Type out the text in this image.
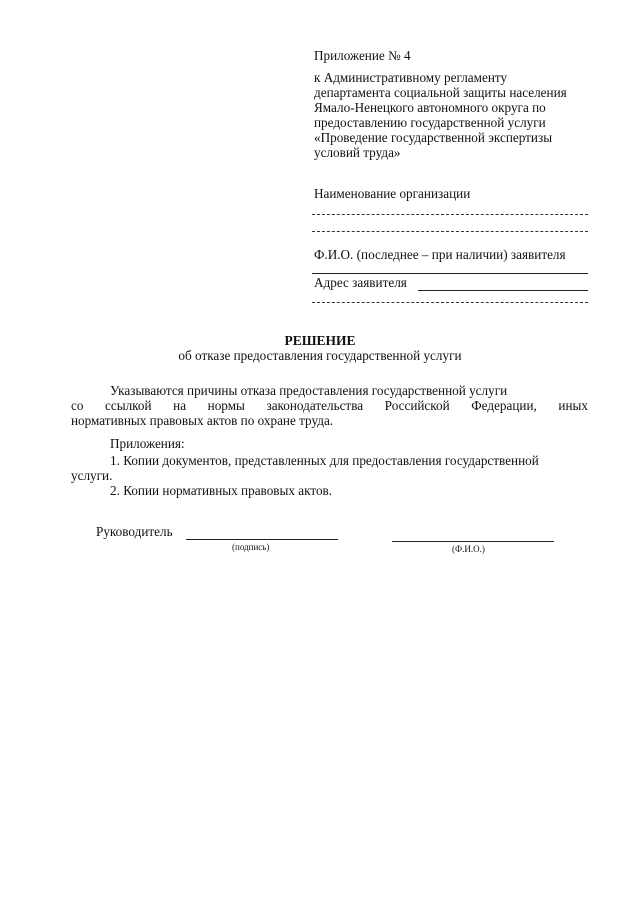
Приложение № 4
к Административному регламенту
департамента социальной защиты населения
Ямало-Ненецкого автономного округа по
предоставлению государственной услуги
«Проведение государственной экспертизы
условий труда»
Наименование организации
Ф.И.О. (последнее – при наличии) заявителя
Адрес заявителя
РЕШЕНИЕ
об отказе предоставления государственной услуги
Указываются причины отказа предоставления государственной услуги
со ссылкой на нормы законодательства Российской Федерации, иных
нормативных правовых актов по охране труда.
Приложения:
1. Копии документов, представленных для предоставления государственной
услуги.
2. Копии нормативных правовых актов.
Руководитель
(подпись)	(Ф.И.О.)
